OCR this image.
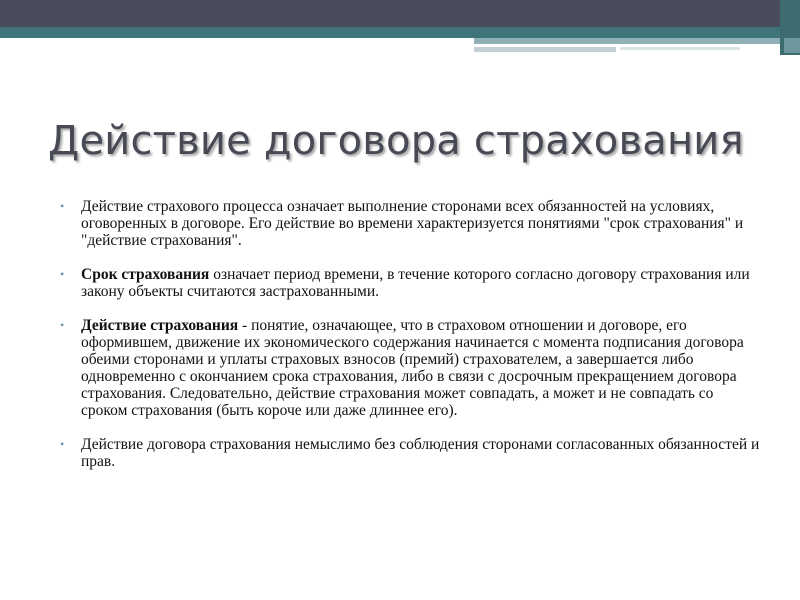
Действие договора страхования
• Действие страхового процесса означает выполнение сторонами всех обязанностей на условиях, оговоренных в договоре. Его действие во времени характеризуется понятиями "срок страхования" и "действие страхования".
• Срок страхования означает период времени, в течение которого согласно договору страхования или закону объекты считаются застрахованными.
• Действие страхования - понятие, означающее, что в страховом отношении и договоре, его оформившем, движение их экономического содержания начинается с момента подписания договора обеими сторонами и уплаты страховых взносов (премий) страхователем, а завершается либо одновременно с окончанием срока страхования, либо в связи с досрочным прекращением договора страхования. Следовательно, действие страхования может совпадать, а может и не совпадать со сроком страхования (быть короче или даже длиннее его).
• Действие договора страхования немыслимо без соблюдения сторонами согласованных обязанностей и прав.
